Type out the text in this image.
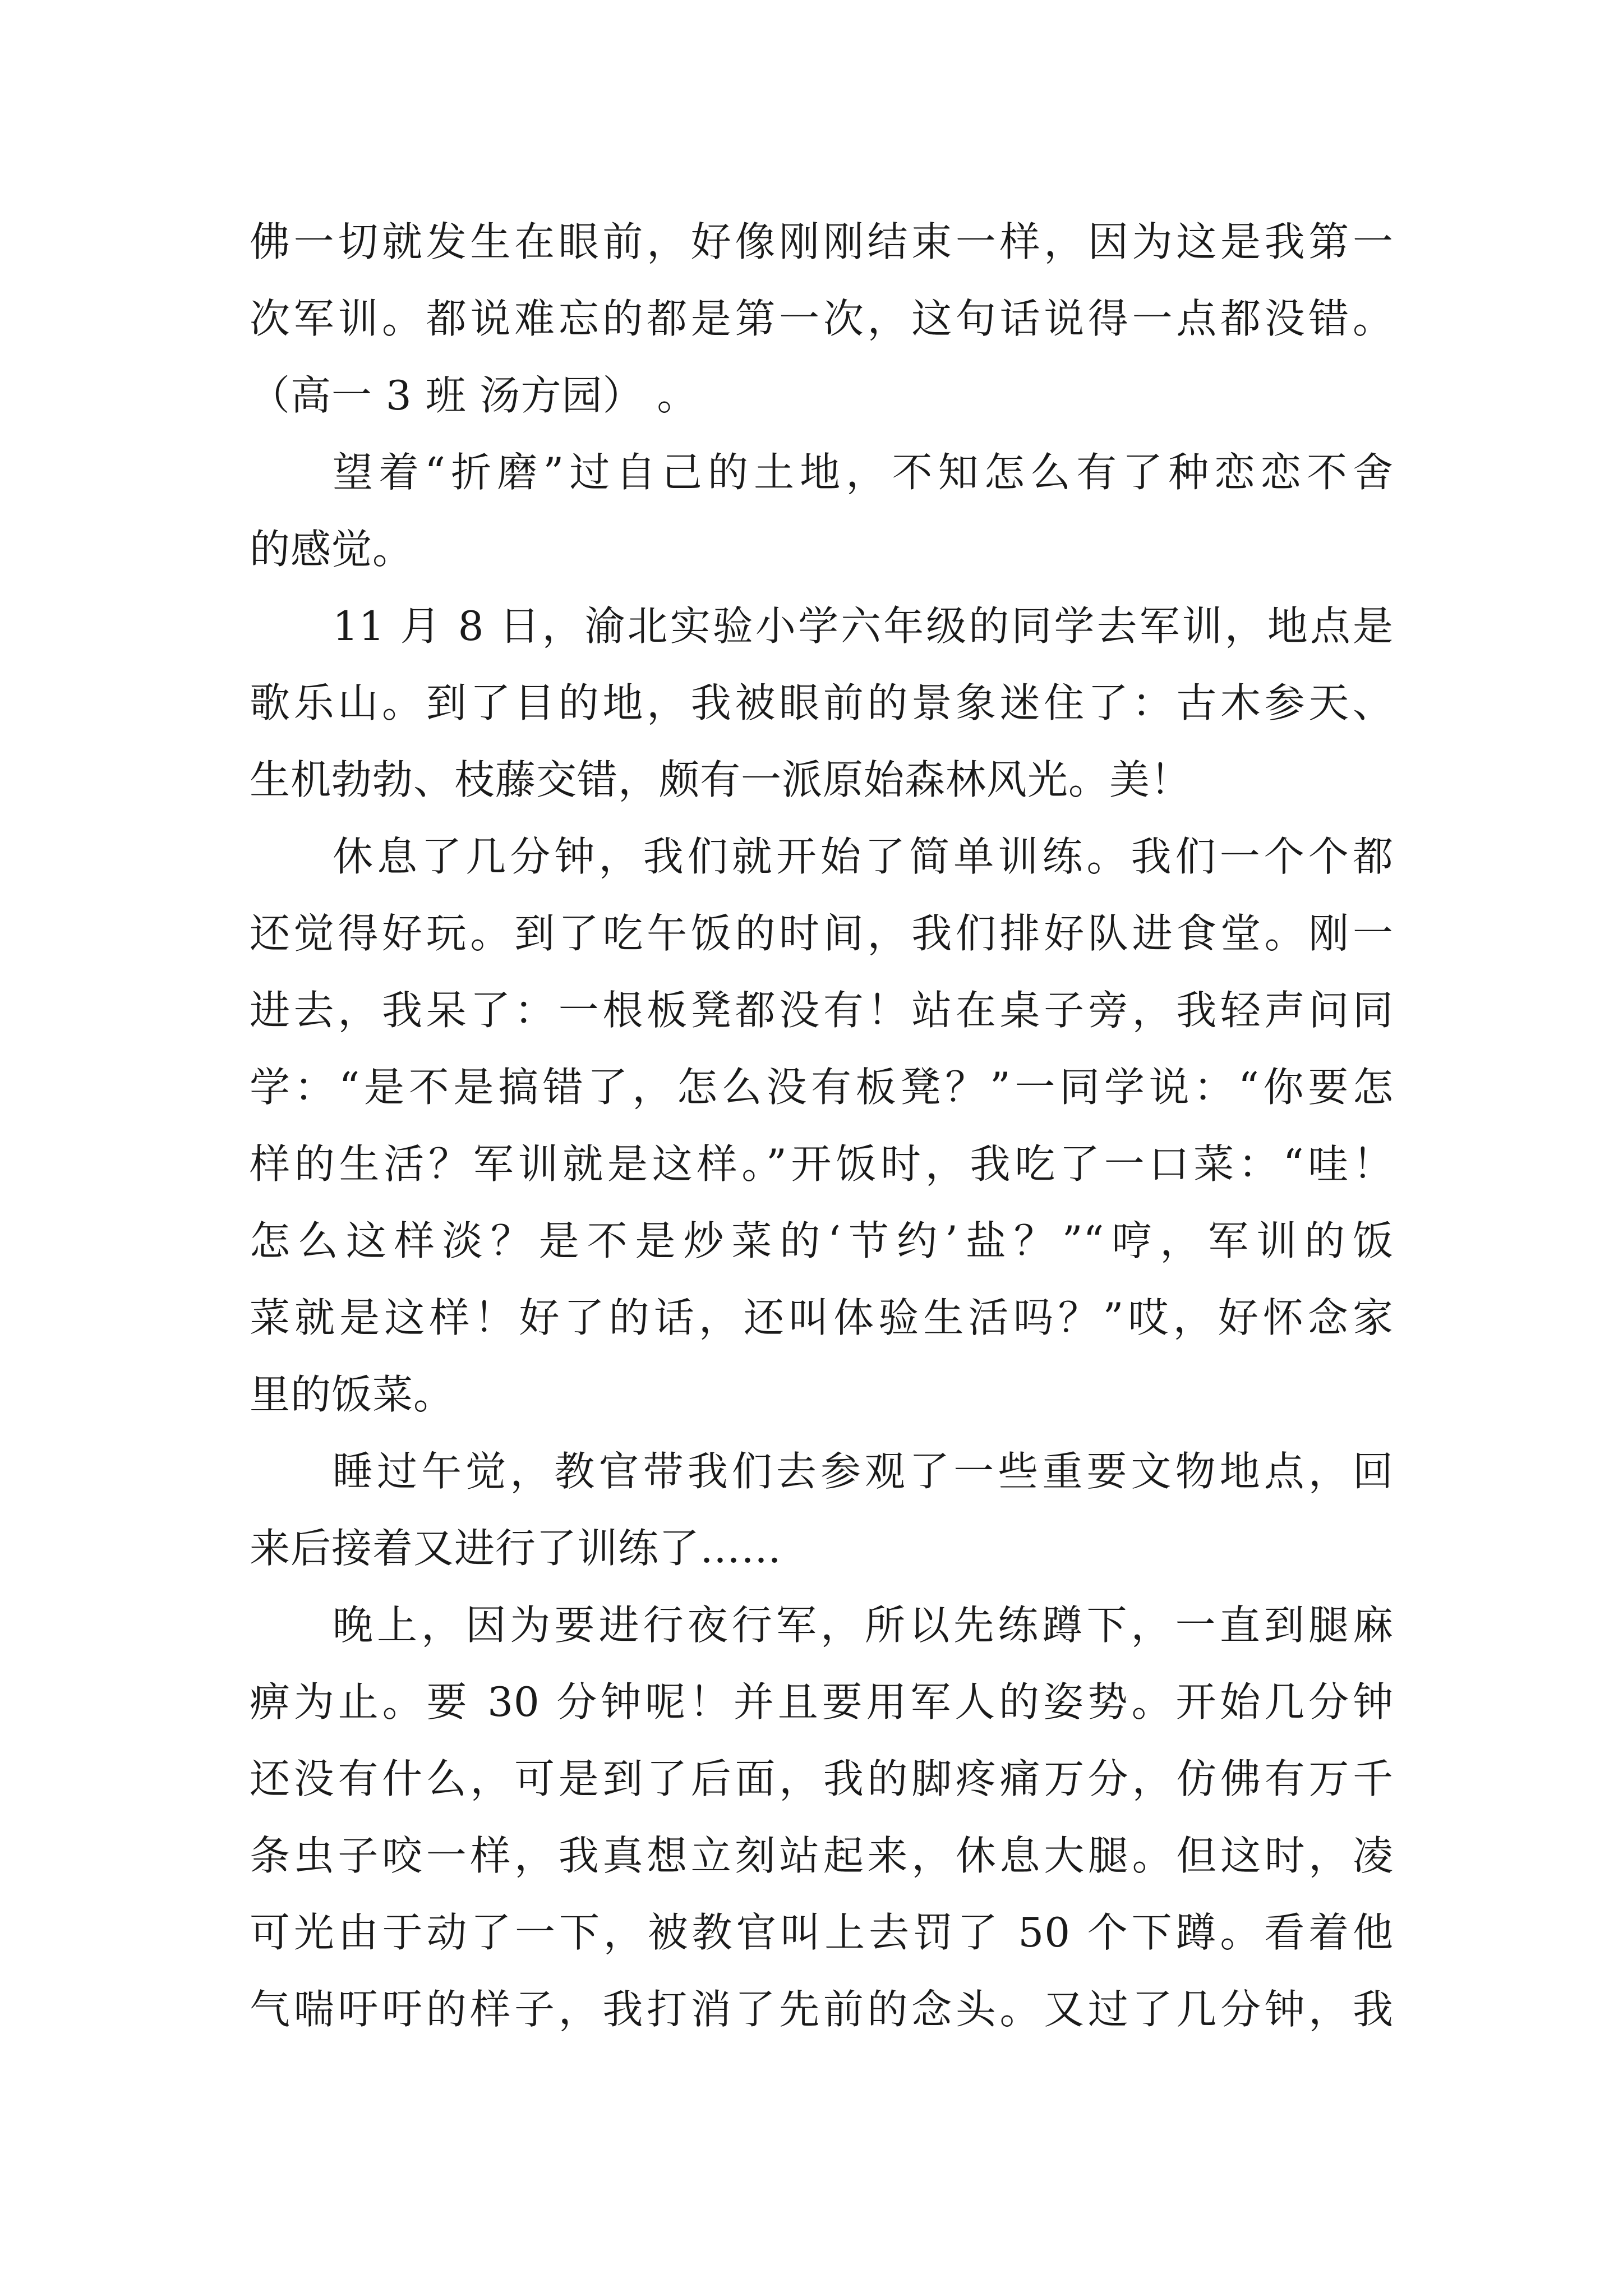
佛一切就发生在眼前，好像刚刚结束一样，因为这是我第一
次军训。都说难忘的都是第一次，这句话说得一点都没错。
（高一 3 班 汤方园） 。
望着“折磨”过自己的土地，不知怎么有了种恋恋不舍
的感觉。
11 月 8 日，渝北实验小学六年级的同学去军训，地点是
歌乐山。到了目的地，我被眼前的景象迷住了：古木参天、
生机勃勃、枝藤交错，颇有一派原始森林风光。美！
休息了几分钟，我们就开始了简单训练。我们一个个都
还觉得好玩。到了吃午饭的时间，我们排好队进食堂。刚一
进去，我呆了：一根板凳都没有！站在桌子旁，我轻声问同
学：“是不是搞错了，怎么没有板凳？”一同学说：“你要怎
样的生活？军训就是这样。”开饭时，我吃了一口菜：“哇！
怎么这样淡？是不是炒菜的‘节约’盐？”“哼，军训的饭
菜就是这样！好了的话，还叫体验生活吗？”哎，好怀念家
里的饭菜。
睡过午觉，教官带我们去参观了一些重要文物地点，回
来后接着又进行了训练了……
晚上，因为要进行夜行军，所以先练蹲下，一直到腿麻
痹为止。要 30 分钟呢！并且要用军人的姿势。开始几分钟
还没有什么，可是到了后面，我的脚疼痛万分，仿佛有万千
条虫子咬一样，我真想立刻站起来，休息大腿。但这时，凌
可光由于动了一下，被教官叫上去罚了 50 个下蹲。看着他
气喘吁吁的样子，我打消了先前的念头。又过了几分钟，我
